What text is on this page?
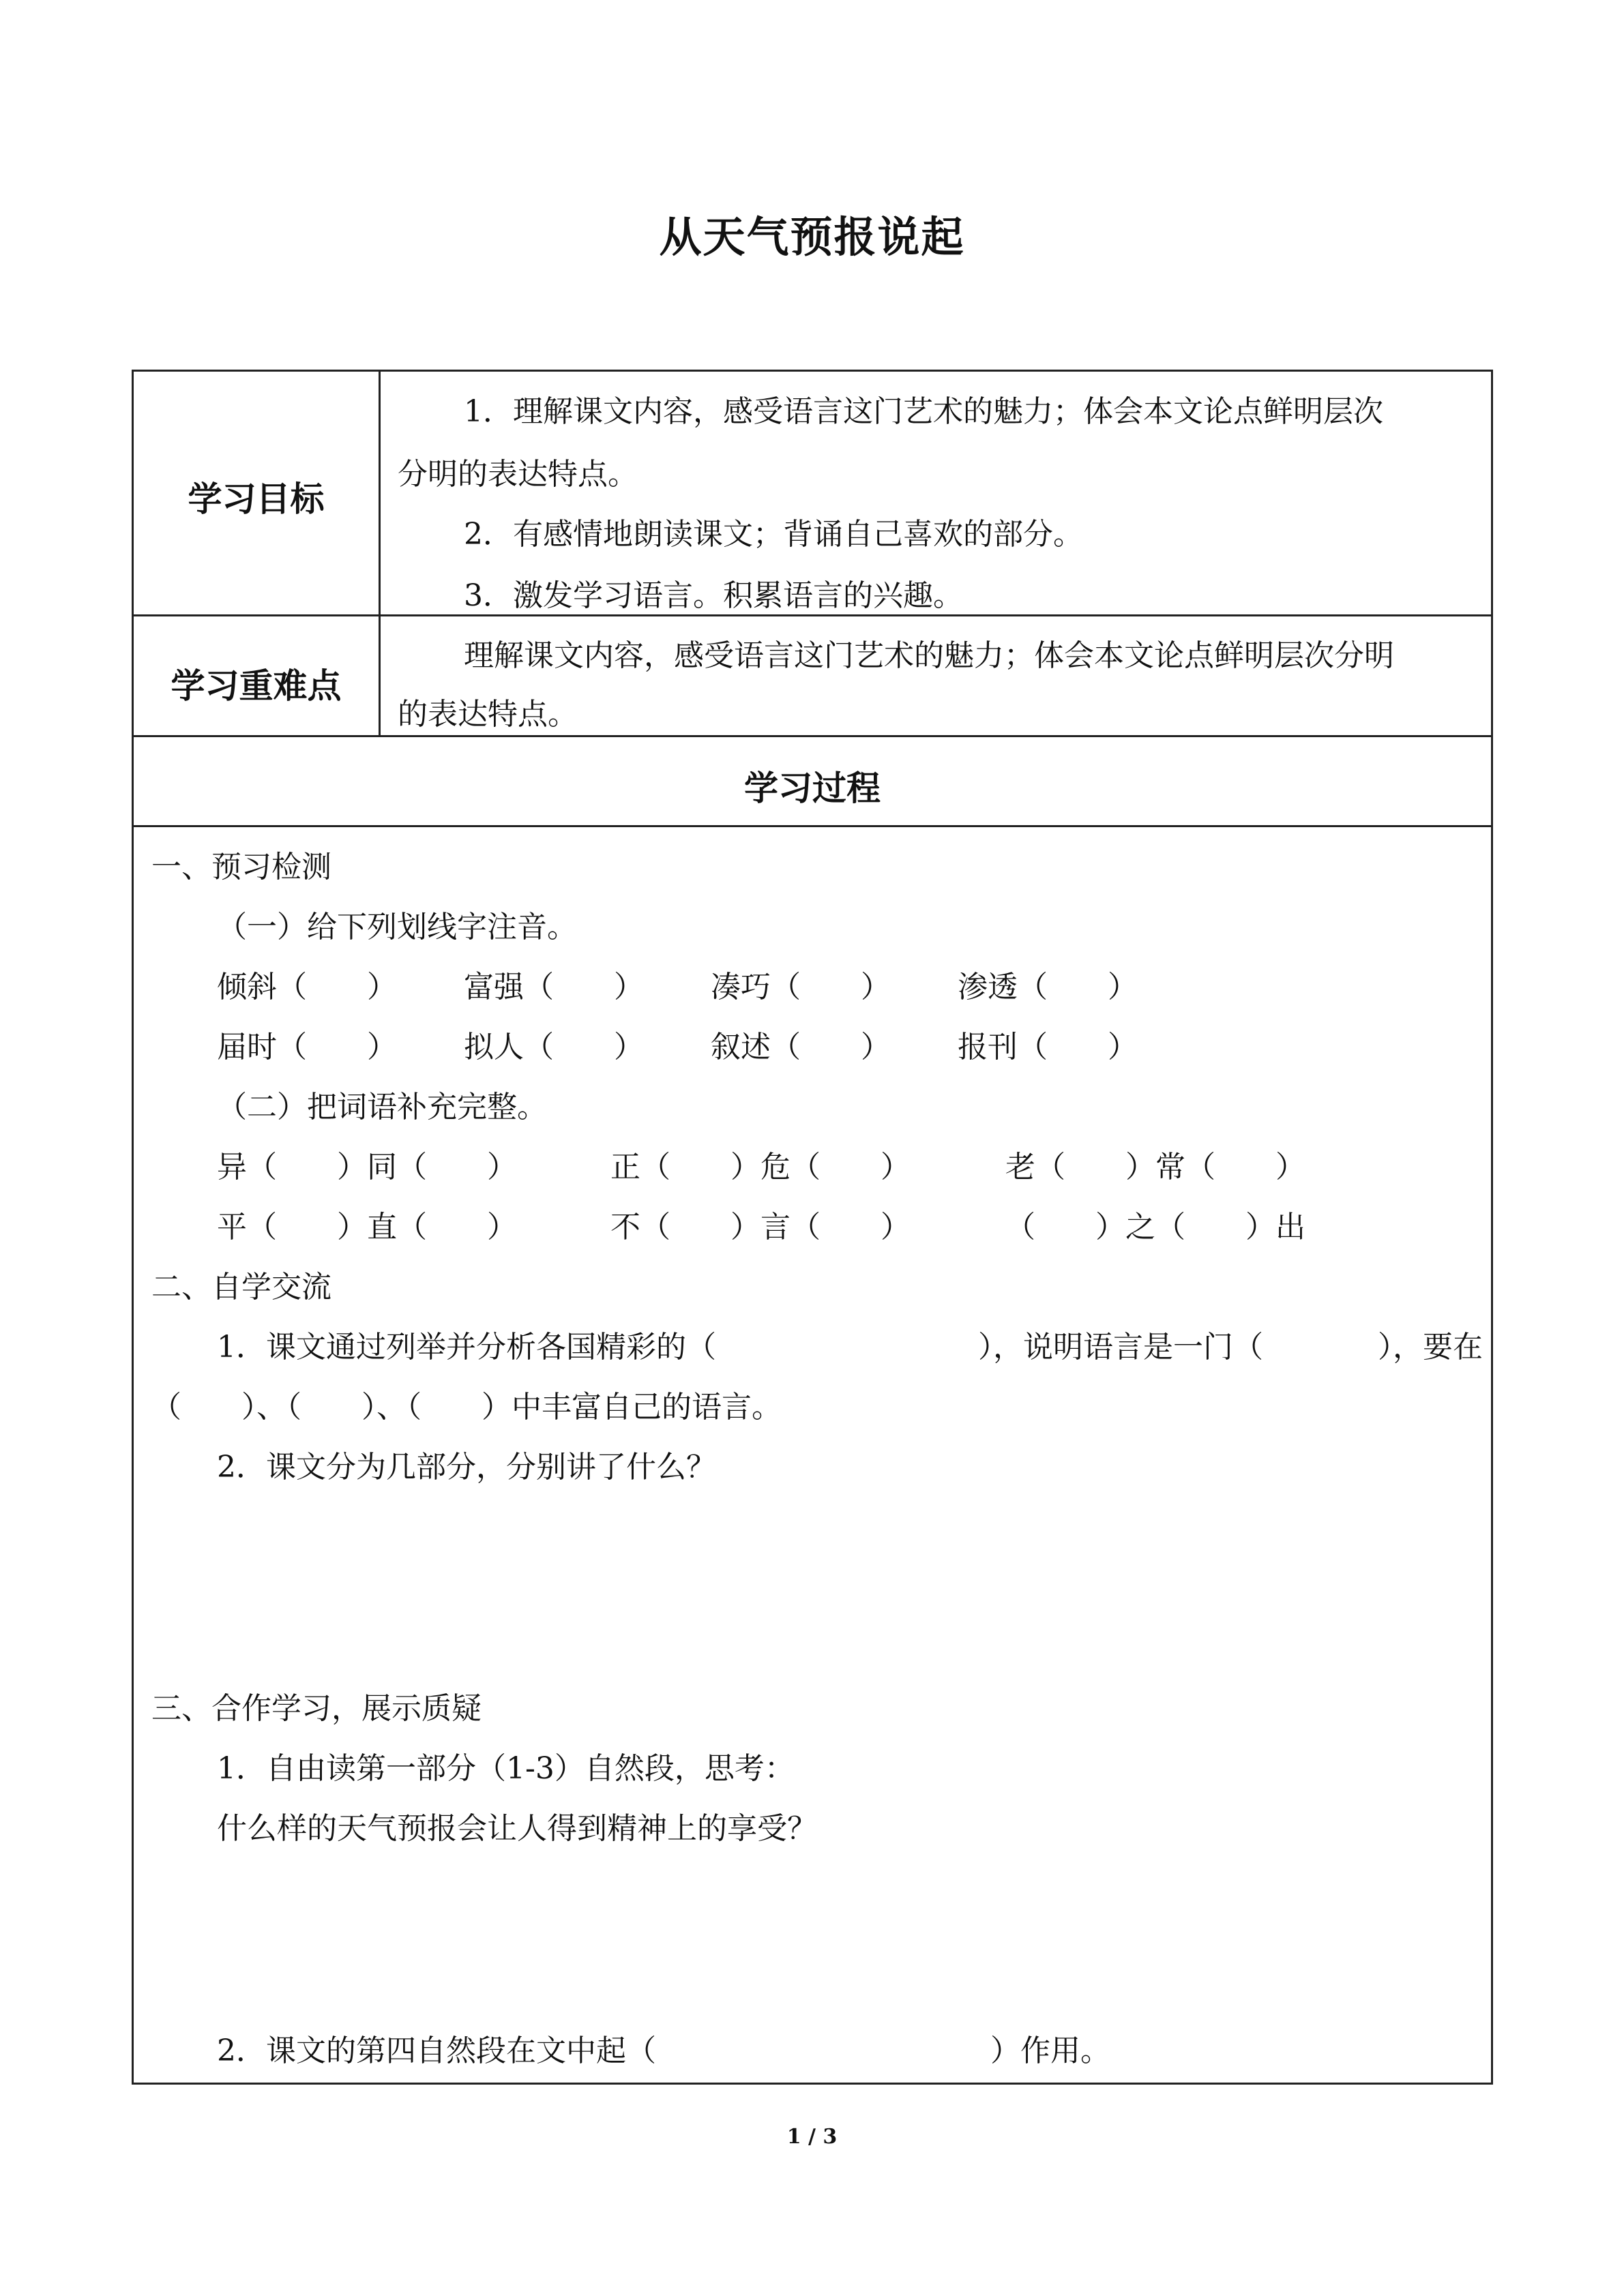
从天气预报说起
学习目标
1．理解课文内容，感受语言这门艺术的魅力；体会本文论点鲜明层次
分明的表达特点。
2．有感情地朗读课文；背诵自己喜欢的部分。
3．激发学习语言。积累语言的兴趣。
学习重难点
理解课文内容，感受语言这门艺术的魅力；体会本文论点鲜明层次分明
的表达特点。
学习过程
一、预习检测
（一）给下列划线字注音。
倾斜（　　） 富强（　　） 凑巧（　　） 渗透（　　）
届时（　　） 拟人（　　） 叙述（　　） 报刊（　　）
（二）把词语补充完整。
异（　　）同（　　）	正（　　）危（　　）	老（　　）常（　　）
平（　　）直（　　）	不（　　）言（　　）	（　　）之（　　）出
二、自学交流
1．课文通过列举并分析各国精彩的（	），说明语言是一门（	），要在
（　　）、（　　）、（　　）中丰富自己的语言。
2．课文分为几部分，分别讲了什么？
三、合作学习，展示质疑
1．自由读第一部分（1-3）自然段，思考：
什么样的天气预报会让人得到精神上的享受？
2．课文的第四自然段在文中起（	）作用。
1 / 3
